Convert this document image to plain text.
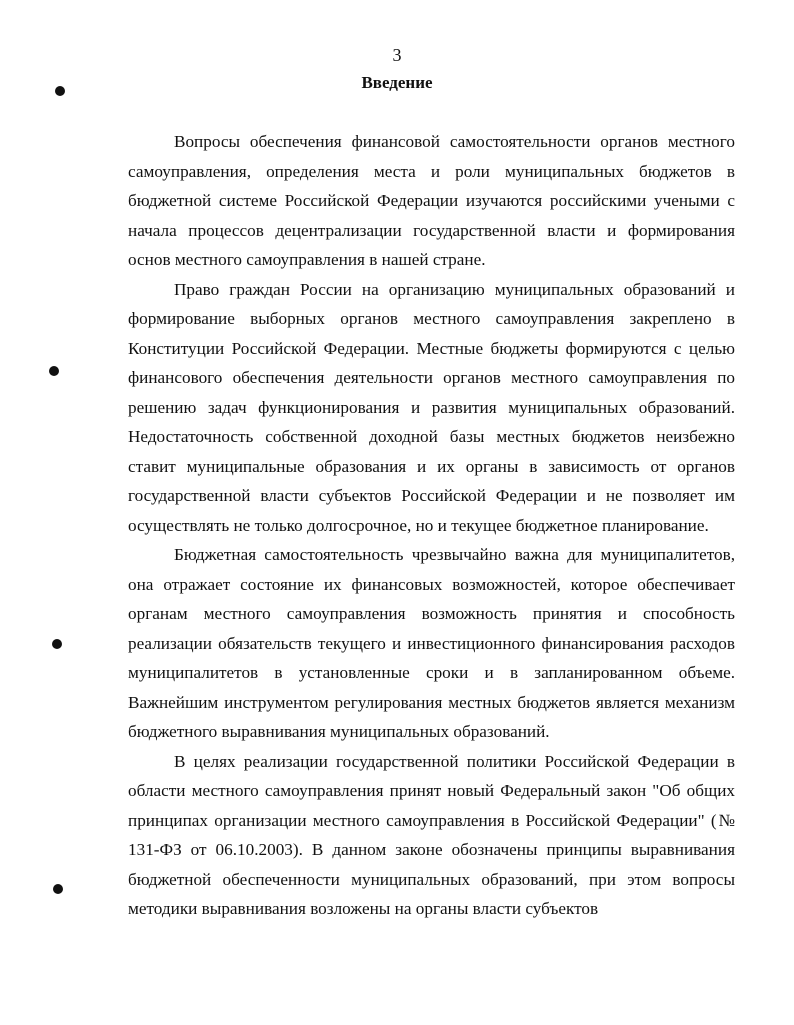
3
Введение

Вопросы обеспечения финансовой самостоятельности органов местного самоуправления, определения места и роли муниципальных бюджетов в бюджетной системе Российской Федерации изучаются российскими учеными с начала процессов децентрализации государственной власти и формирования основ местного самоуправления в нашей стране.

Право граждан России на организацию муниципальных образований и формирование выборных органов местного самоуправления закреплено в Конституции Российской Федерации. Местные бюджеты формируются с целью финансового обеспечения деятельности органов местного самоуправления по решению задач функционирования и развития муниципальных образований. Недостаточность собственной доходной базы местных бюджетов неизбежно ставит муниципальные образования и их органы в зависимость от органов государственной власти субъектов Российской Федерации и не позволяет им осуществлять не только долгосрочное, но и текущее бюджетное планирование.

Бюджетная самостоятельность чрезвычайно важна для муниципалитетов, она отражает состояние их финансовых возможностей, которое обеспечивает органам местного самоуправления возможность принятия и способность реализации обязательств текущего и инвестиционного финансирования расходов муниципалитетов в установленные сроки и в запланированном объеме. Важнейшим инструментом регулирования местных бюджетов является механизм бюджетного выравнивания муниципальных образований.

В целях реализации государственной политики Российской Федерации в области местного самоуправления принят новый Федеральный закон "Об общих принципах организации местного самоуправления в Российской Федерации" (№ 131-ФЗ от 06.10.2003). В данном законе обозначены принципы выравнивания бюджетной обеспеченности муниципальных образований, при этом вопросы методики выравнивания возложены на органы власти субъектов
